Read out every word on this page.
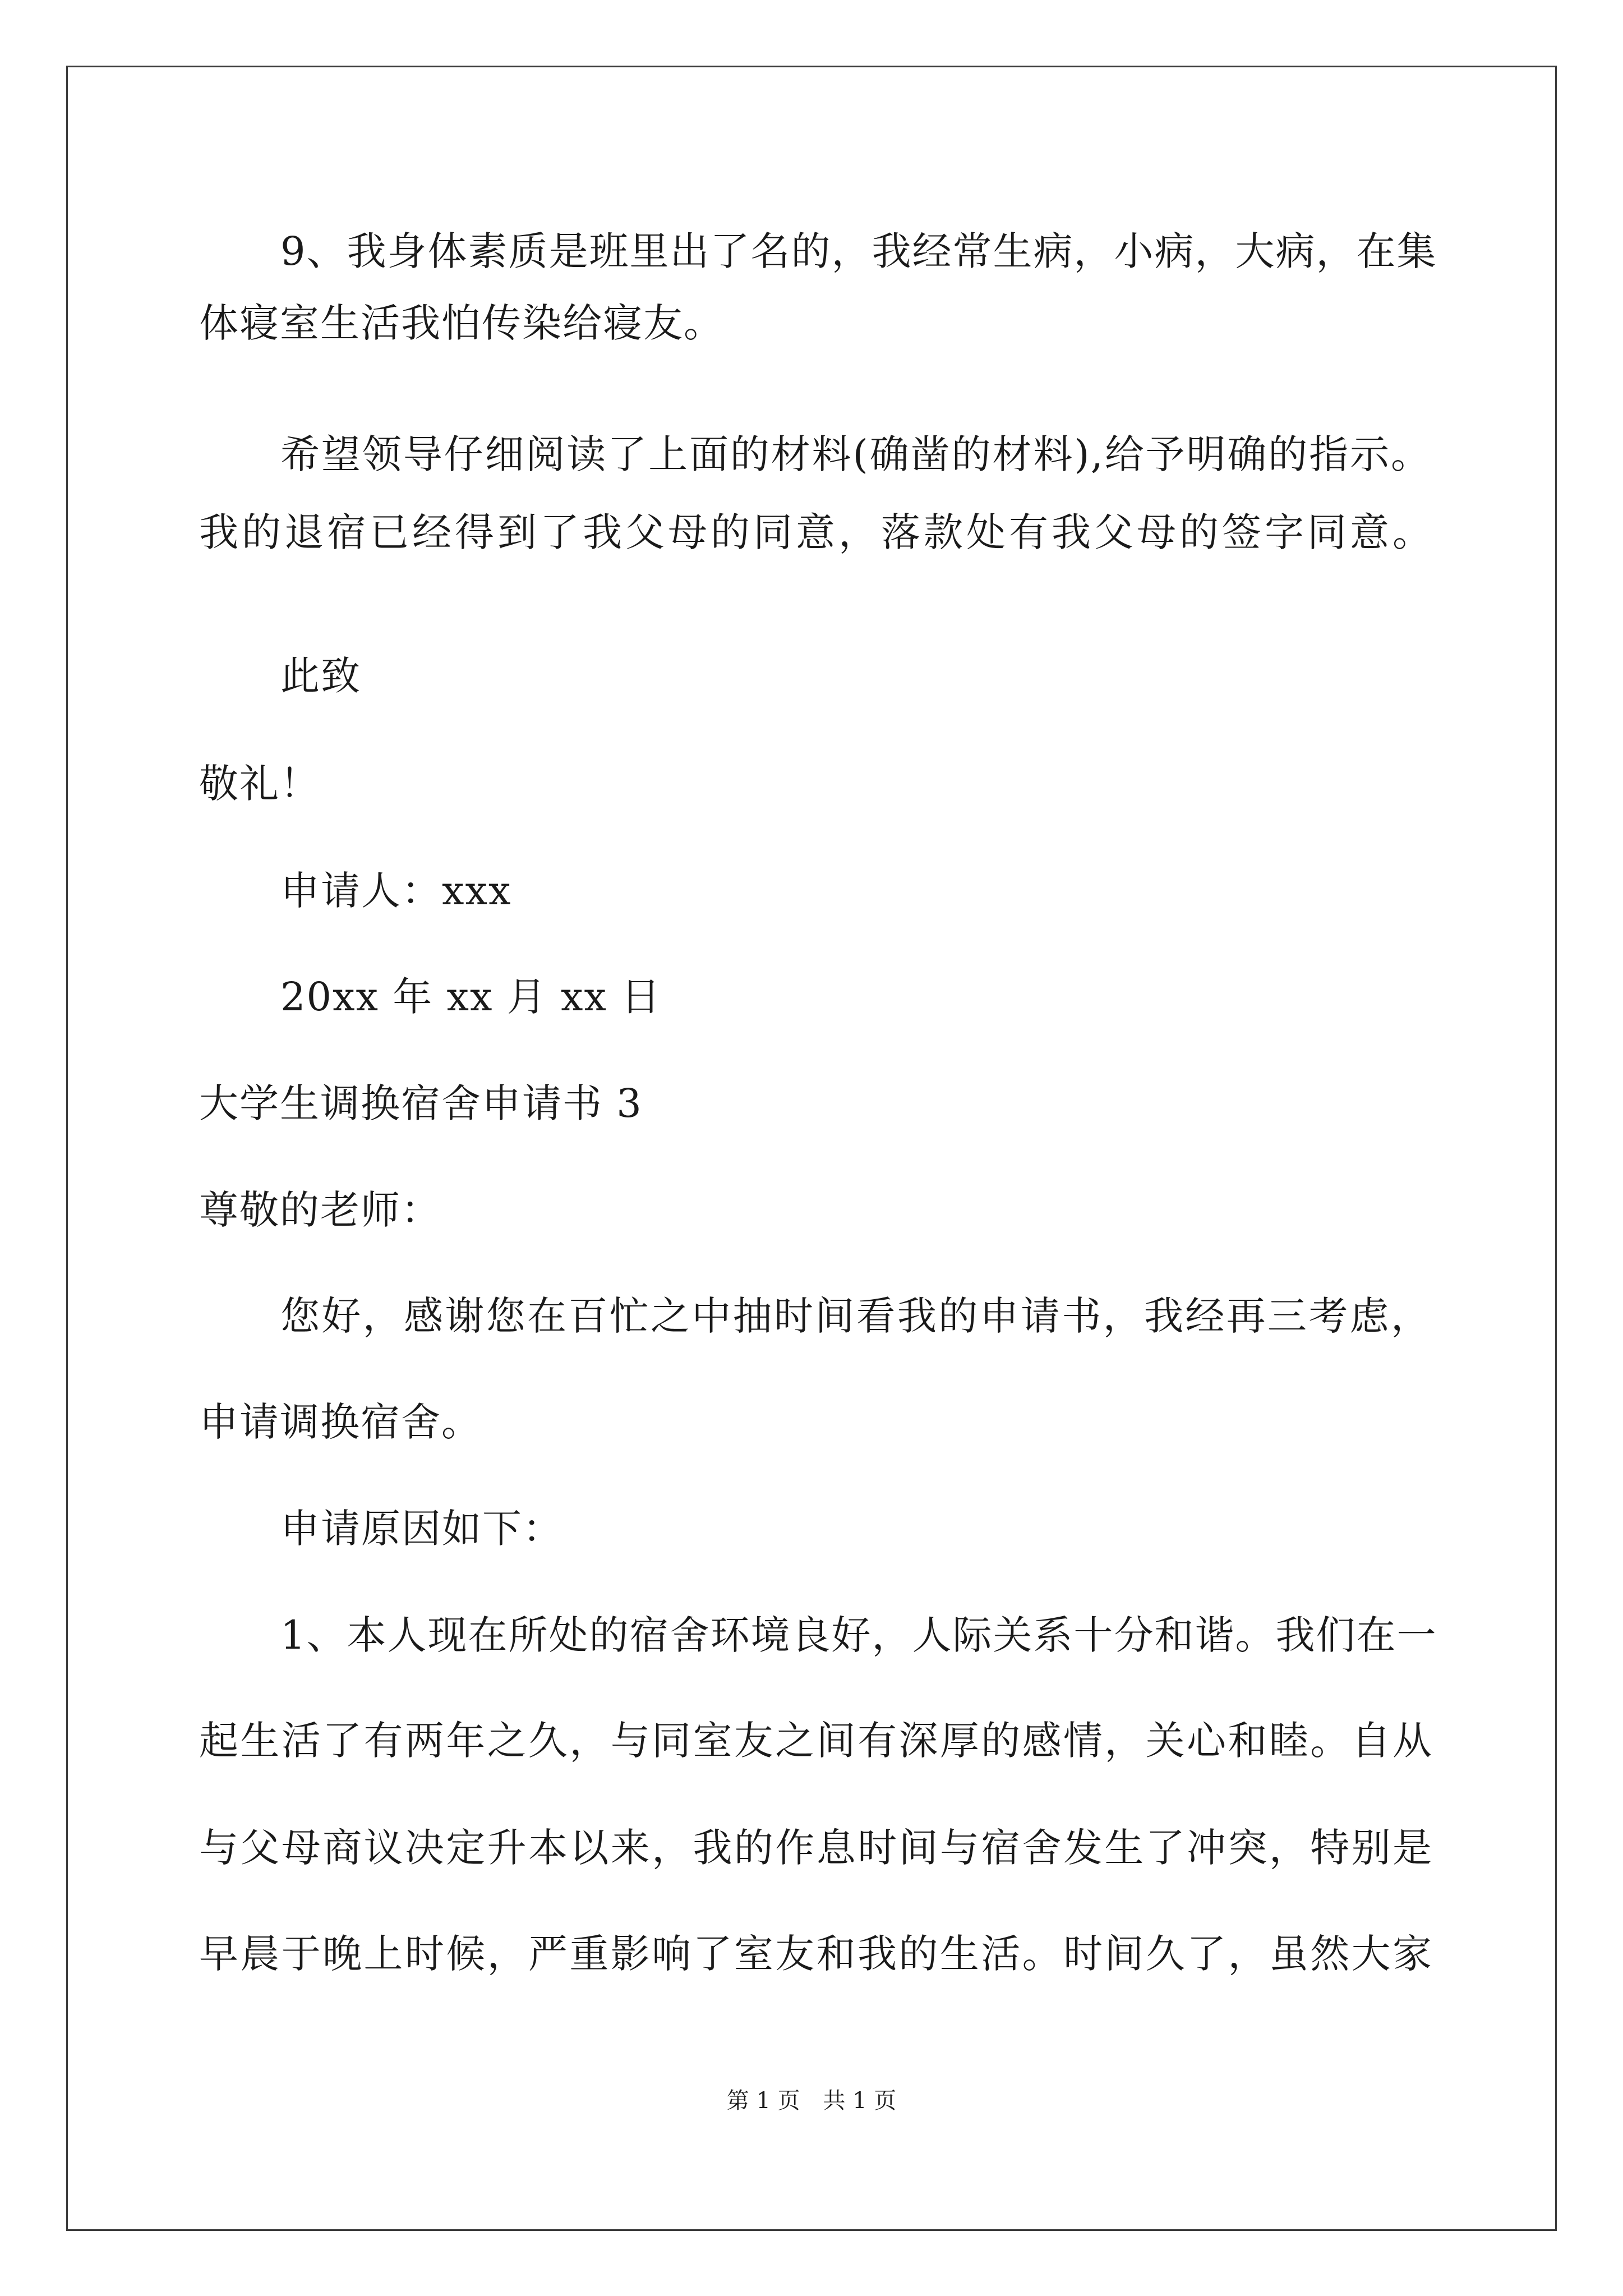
9、我身体素质是班里出了名的，我经常生病，小病，大病，在集
体寝室生活我怕传染给寝友。
希望领导仔细阅读了上面的材料(确凿的材料),给予明确的指示。
我的退宿已经得到了我父母的同意，落款处有我父母的签字同意。
此致
敬礼！
申请人：xxx
20xx 年 xx 月 xx 日
大学生调换宿舍申请书 3
尊敬的老师：
您好，感谢您在百忙之中抽时间看我的申请书，我经再三考虑，
申请调换宿舍。
申请原因如下：
1、本人现在所处的宿舍环境良好，人际关系十分和谐。我们在一
起生活了有两年之久，与同室友之间有深厚的感情，关心和睦。自从
与父母商议决定升本以来，我的作息时间与宿舍发生了冲突，特别是
早晨于晚上时候，严重影响了室友和我的生活。时间久了，虽然大家
第 1 页 共 1 页
